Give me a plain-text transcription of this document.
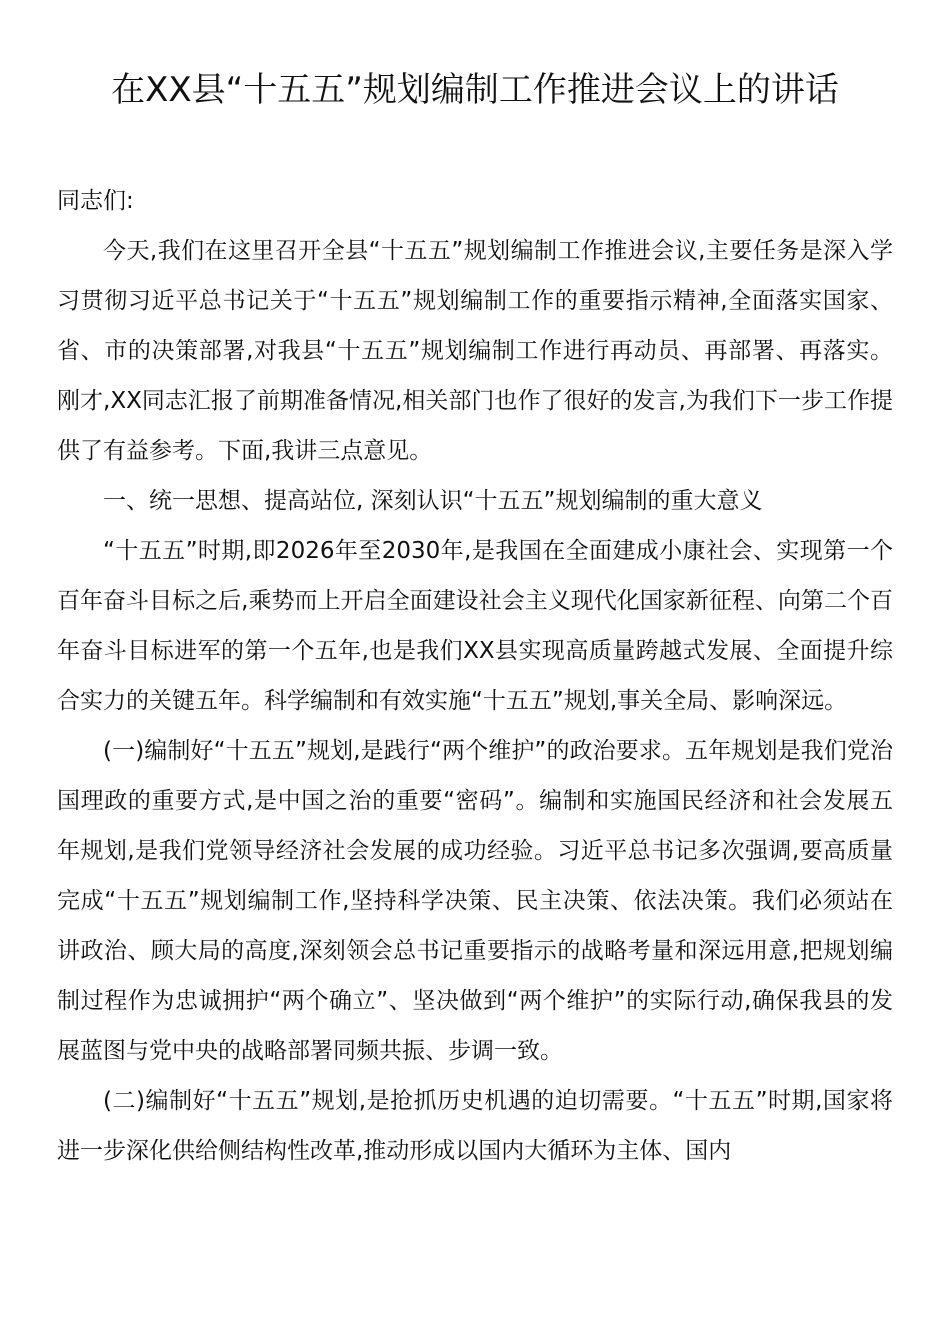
在XX县“十五五”规划编制工作推进会议上的讲话

同志们:

今天,我们在这里召开全县“十五五”规划编制工作推进会议,主要任务是深入学习贯彻习近平总书记关于“十五五”规划编制工作的重要指示精神,全面落实国家、省、市的决策部署,对我县“十五五”规划编制工作进行再动员、再部署、再落实。刚才,XX同志汇报了前期准备情况,相关部门也作了很好的发言,为我们下一步工作提供了有益参考。下面,我讲三点意见。

一、统一思想、提高站位, 深刻认识“十五五”规划编制的重大意义

“十五五”时期,即2026年至2030年,是我国在全面建成小康社会、实现第一个百年奋斗目标之后,乘势而上开启全面建设社会主义现代化国家新征程、向第二个百年奋斗目标进军的第一个五年,也是我们XX县实现高质量跨越式发展、全面提升综合实力的关键五年。科学编制和有效实施“十五五”规划,事关全局、影响深远。

(一)编制好“十五五”规划,是践行“两个维护”的政治要求。五年规划是我们党治国理政的重要方式,是中国之治的重要“密码”。编制和实施国民经济和社会发展五年规划,是我们党领导经济社会发展的成功经验。习近平总书记多次强调,要高质量完成“十五五”规划编制工作,坚持科学决策、民主决策、依法决策。我们必须站在讲政治、顾大局的高度,深刻领会总书记重要指示的战略考量和深远用意,把规划编制过程作为忠诚拥护“两个确立”、坚决做到“两个维护”的实际行动,确保我县的发展蓝图与党中央的战略部署同频共振、步调一致。

(二)编制好“十五五”规划,是抢抓历史机遇的迫切需要。“十五五”时期,国家将进一步深化供给侧结构性改革,推动形成以国内大循环为主体、国内
